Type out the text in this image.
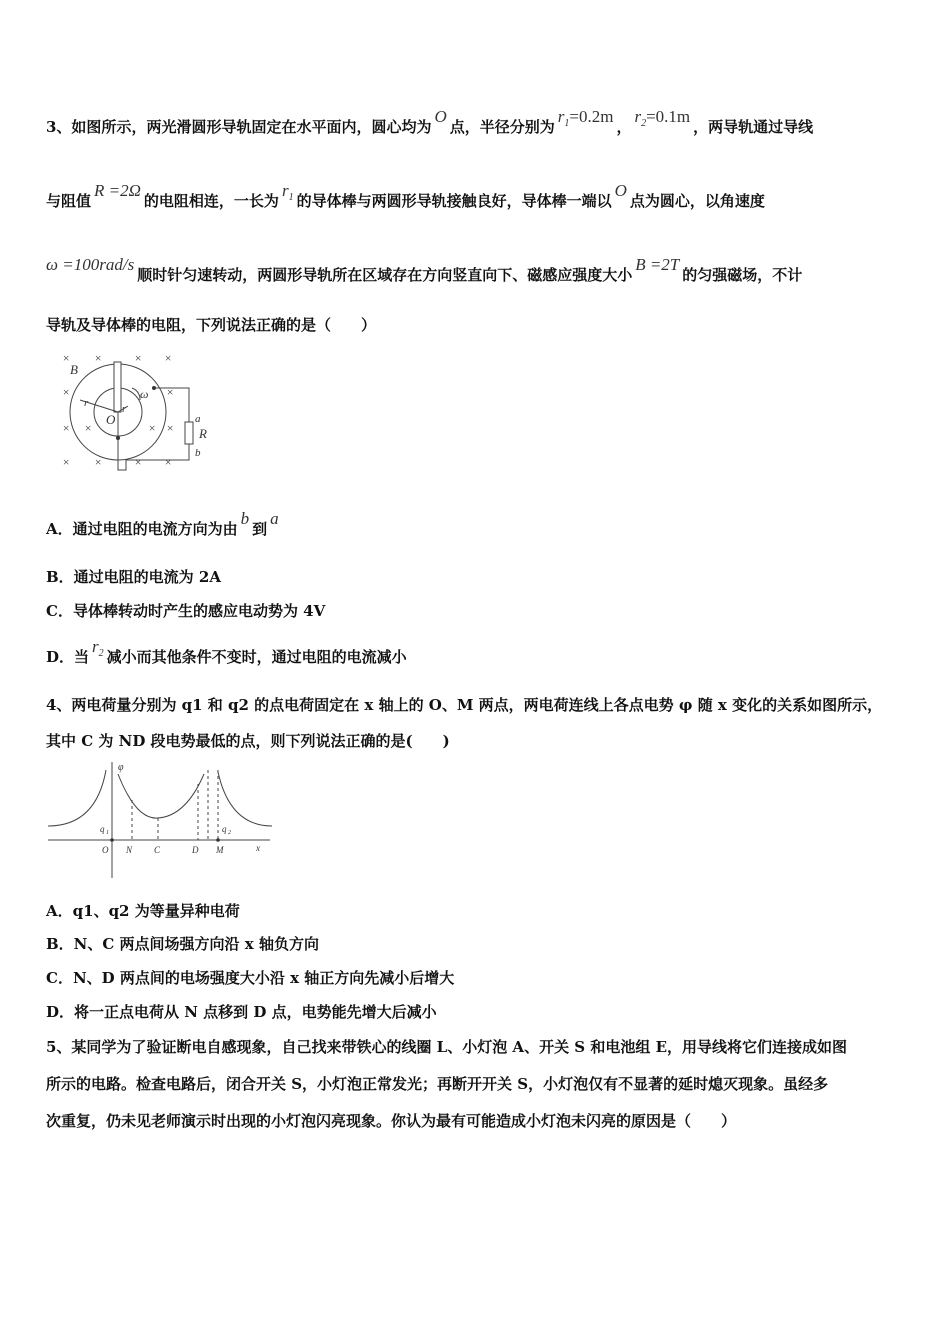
3、如图所示，两光滑圆形导轨固定在水平面内，圆心均为O点，半径分别为$r_1=0.2m$，$r_2=0.1m$，两导轨通过导线
与阻值R =2Ω的电阻相连，一长为$r_1$ 的导体棒与两圆形导轨接触良好，导体棒一端以O点为圆心，以角速度
ω =100rad/s顺时针匀速转动，两圆形导轨所在区域存在方向竖直向下、磁感应强度大小B =2T的匀强磁场，不计
导轨及导体棒的电阻，下列说法正确的是（　　）
× ×	× ×
×	×
× ×	× ×
× ×	× ×
B
r	r
O
ω
a
R
b
A．通过电阻的电流方向为由b到a
B．通过电阻的电流为 2A
C．导体棒转动时产生的感应电动势为 4V
D．当$r_2$ 减小而其他条件不变时，通过电阻的电流减小
4、两电荷量分别为 q1 和 q2 的点电荷固定在 x 轴上的 O、M 两点，两电荷连线上各点电势 φ 随 x 变化的关系如图所示，
其中 C 为 ND 段电势最低的点，则下列说法正确的是(　　)
φ
q 1	q 2
O N C	D M	x
A．q1、q2 为等量异种电荷
B．N、C 两点间场强方向沿 x 轴负方向
C．N、D 两点间的电场强度大小沿 x 轴正方向先减小后增大
D．将一正点电荷从 N 点移到 D 点，电势能先增大后减小
5、某同学为了验证断电自感现象，自己找来带铁心的线圈 L、小灯泡 A、开关 S 和电池组 E，用导线将它们连接成如图
所示的电路。检查电路后，闭合开关 S，小灯泡正常发光；再断开开关 S，小灯泡仅有不显著的延时熄灭现象。虽经多
次重复，仍未见老师演示时出现的小灯泡闪亮现象。你认为最有可能造成小灯泡未闪亮的原因是（　　）
